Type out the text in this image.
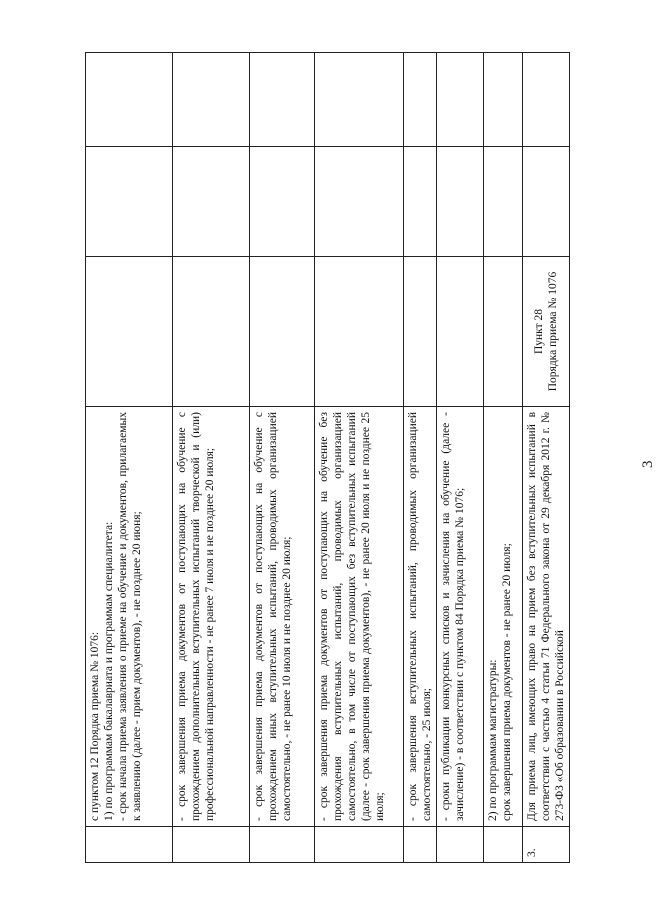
	с пунктом 12 Порядка приема № 1076: 1) по программам бакалавриата и программам специалитета: - срок начала приема заявления о приеме на обучение и документов, прилагаемых к заявлению (далее - прием документов), - не позднее 20 июня;			
	- срок завершения приема документов от поступающих на обучение с прохождением дополнительных вступительных испытаний творческой и (или) профессиональной направленности - не ранее 7 июля и не позднее 20 июля;			
	- срок завершения приема документов от поступающих на обучение с прохождением иных вступительных испытаний, проводимых организацией самостоятельно, - не ранее 10 июля и не позднее 20 июля;			
	- срок завершения приема документов от поступающих на обучение без прохождения вступительных испытаний, проводимых организацией самостоятельно, в том числе от поступающих без вступительных испытаний (далее - срок завершения приема документов), - не ранее 20 июля и не позднее 25 июля;			
	- срок завершения вступительных испытаний, проводимых организацией самостоятельно, - 25 июля;			
	- сроки публикации конкурсных списков и зачисления на обучение (далее - зачисление) - в соответствии с пунктом 84 Порядка приема № 1076;			
	2) по программам магистратуры: срок завершения приема документов - не ранее 20 июля;			
3.	Для приема лиц, имеющих право на прием без вступительных испытаний в соответствии с частью 4 статьи 71 Федерального закона от 29 декабря 2012 г. № 273-ФЗ «Об образовании в Российской	Пункт 28 Порядка приема № 1076		
3
